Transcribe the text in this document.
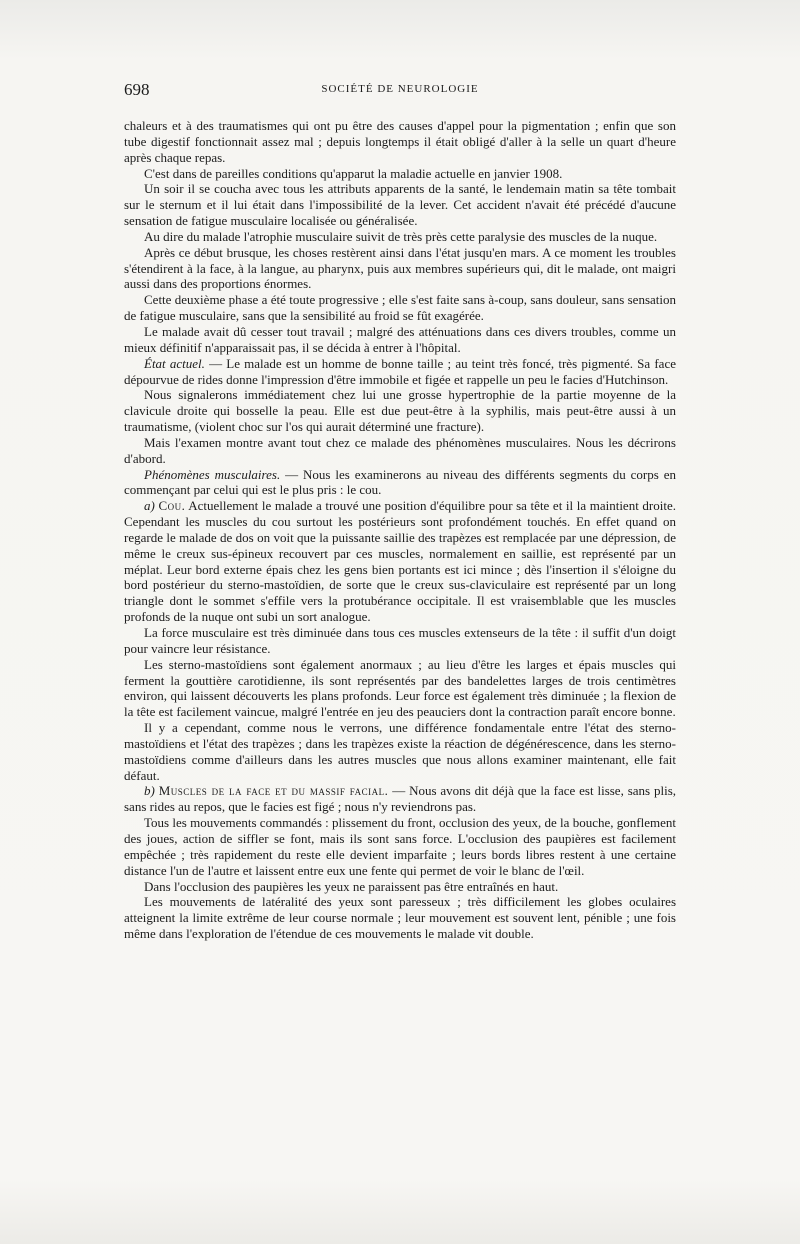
698	SOCIÉTÉ DE NEUROLOGIE

chaleurs et à des traumatismes qui ont pu être des causes d'appel pour la pigmentation ; enfin que son tube digestif fonctionnait assez mal ; depuis longtemps il était obligé d'aller à la selle un quart d'heure après chaque repas.

C'est dans de pareilles conditions qu'apparut la maladie actuelle en janvier 1908.

Un soir il se coucha avec tous les attributs apparents de la santé, le lendemain matin sa tête tombait sur le sternum et il lui était dans l'impossibilité de la lever. Cet accident n'avait été précédé d'aucune sensation de fatigue musculaire localisée ou généralisée.

Au dire du malade l'atrophie musculaire suivit de très près cette paralysie des muscles de la nuque.

Après ce début brusque, les choses restèrent ainsi dans l'état jusqu'en mars. A ce moment les troubles s'étendirent à la face, à la langue, au pharynx, puis aux membres supérieurs qui, dit le malade, ont maigri aussi dans des proportions énormes.

Cette deuxième phase a été toute progressive ; elle s'est faite sans à-coup, sans douleur, sans sensation de fatigue musculaire, sans que la sensibilité au froid se fût exagérée.

Le malade avait dû cesser tout travail ; malgré des atténuations dans ces divers troubles, comme un mieux définitif n'apparaissait pas, il se décida à entrer à l'hôpital.

État actuel. — Le malade est un homme de bonne taille ; au teint très foncé, très pigmenté. Sa face dépourvue de rides donne l'impression d'être immobile et figée et rappelle un peu le facies d'Hutchinson.

Nous signalerons immédiatement chez lui une grosse hypertrophie de la partie moyenne de la clavicule droite qui bosselle la peau. Elle est due peut-être à la syphilis, mais peut-être aussi à un traumatisme, (violent choc sur l'os qui aurait déterminé une fracture).

Mais l'examen montre avant tout chez ce malade des phénomènes musculaires. Nous les décrirons d'abord.

Phénomènes musculaires. — Nous les examinerons au niveau des différents segments du corps en commençant par celui qui est le plus pris : le cou.

a) Cou. Actuellement le malade a trouvé une position d'équilibre pour sa tête et il la maintient droite. Cependant les muscles du cou surtout les postérieurs sont profondément touchés. En effet quand on regarde le malade de dos on voit que la puissante saillie des trapèzes est remplacée par une dépression, de même le creux sus-épineux recouvert par ces muscles, normalement en saillie, est représenté par un méplat. Leur bord externe épais chez les gens bien portants est ici mince ; dès l'insertion il s'éloigne du bord postérieur du sterno-mastoïdien, de sorte que le creux sus-claviculaire est représenté par un long triangle dont le sommet s'effile vers la protubérance occipitale. Il est vraisemblable que les muscles profonds de la nuque ont subi un sort analogue.

La force musculaire est très diminuée dans tous ces muscles extenseurs de la tête : il suffit d'un doigt pour vaincre leur résistance.

Les sterno-mastoïdiens sont également anormaux ; au lieu d'être les larges et épais muscles qui ferment la gouttière carotidienne, ils sont représentés par des bandelettes larges de trois centimètres environ, qui laissent découverts les plans profonds. Leur force est également très diminuée ; la flexion de la tête est facilement vaincue, malgré l'entrée en jeu des peauciers dont la contraction paraît encore bonne.

Il y a cependant, comme nous le verrons, une différence fondamentale entre l'état des sterno-mastoïdiens et l'état des trapèzes ; dans les trapèzes existe la réaction de dégénérescence, dans les sterno-mastoïdiens comme d'ailleurs dans les autres muscles que nous allons examiner maintenant, elle fait défaut.

b) Muscles de la face et du massif facial. — Nous avons dit déjà que la face est lisse, sans plis, sans rides au repos, que le facies est figé ; nous n'y reviendrons pas.

Tous les mouvements commandés : plissement du front, occlusion des yeux, de la bouche, gonflement des joues, action de siffler se font, mais ils sont sans force. L'occlusion des paupières est facilement empêchée ; très rapidement du reste elle devient imparfaite ; leurs bords libres restent à une certaine distance l'un de l'autre et laissent entre eux une fente qui permet de voir le blanc de l'œil.

Dans l'occlusion des paupières les yeux ne paraissent pas être entraînés en haut.

Les mouvements de latéralité des yeux sont paresseux ; très difficilement les globes oculaires atteignent la limite extrême de leur course normale ; leur mouvement est souvent lent, pénible ; une fois même dans l'exploration de l'étendue de ces mouvements le malade vit double.
